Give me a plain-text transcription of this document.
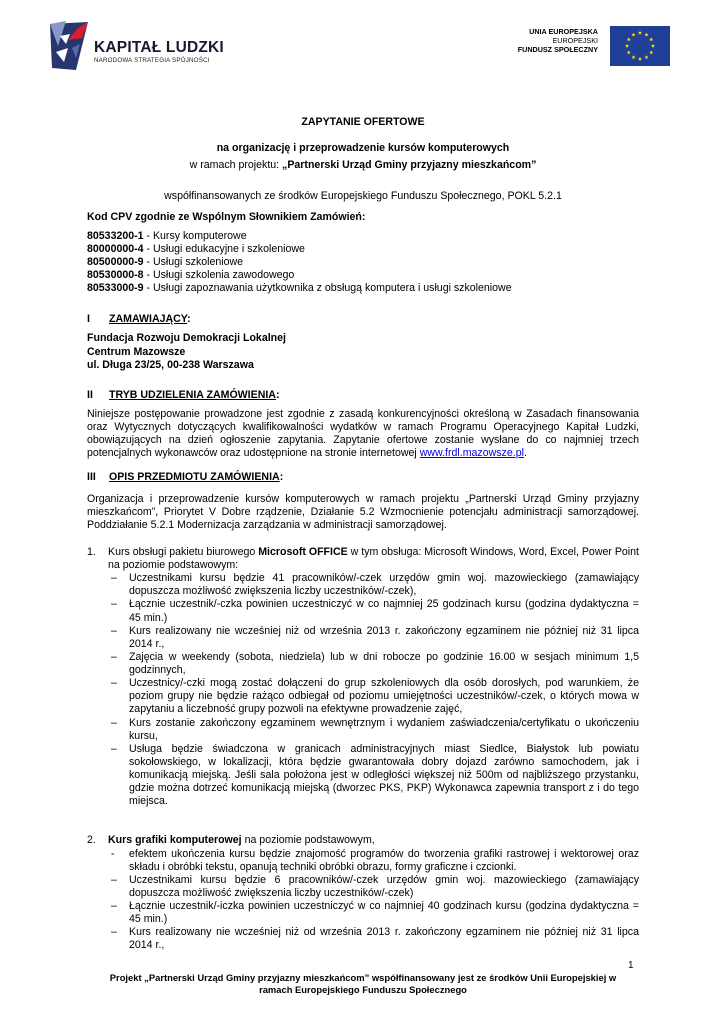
KAPITAŁ LUDZKI
NARODOWA STRATEGIA SPÓJNOŚCI
UNIA EUROPEJSKA
EUROPEJSKI
FUNDUSZ SPOŁECZNY

ZAPYTANIE OFERTOWE

na organizację i przeprowadzenie kursów komputerowych

w ramach projektu: „Partnerski Urząd Gminy przyjazny mieszkańcom”

współfinansowanych ze środków Europejskiego Funduszu Społecznego, POKL 5.2.1

Kod CPV zgodnie ze Wspólnym Słownikiem Zamówień:

80533200-1 - Kursy komputerowe
80000000-4 - Usługi edukacyjne i szkoleniowe
80500000-9 - Usługi szkoleniowe
80530000-8 - Usługi szkolenia zawodowego
80533000-9 - Usługi zapoznawania użytkownika z obsługą komputera i usługi szkoleniowe
I	ZAMAWIAJĄCY:
Fundacja Rozwoju Demokracji Lokalnej
Centrum Mazowsze
ul. Długa 23/25, 00-238 Warszawa
II	TRYB UDZIELENIA ZAMÓWIENIA:

Niniejsze postępowanie prowadzone jest zgodnie z zasadą konkurencyjności określoną w Zasadach finansowania oraz Wytycznych dotyczących kwalifikowalności wydatków w ramach Programu Operacyjnego Kapitał Ludzki, obowiązujących na dzień ogłoszenie zapytania. Zapytanie ofertowe zostanie wysłane do co najmniej trzech potencjalnych wykonawców oraz udostępnione na stronie internetowej www.frdl.mazowsze.pl.

III	OPIS PRZEDMIOTU ZAMÓWIENIA:

Organizacja i przeprowadzenie kursów komputerowych w ramach projektu „Partnerski Urząd Gminy przyjazny mieszkańcom”, Priorytet V Dobre rządzenie, Działanie 5.2 Wzmocnienie potencjału administracji samorządowej. Poddziałanie 5.2.1 Modernizacja zarządzania w administracji samorządowej.

1. Kurs obsługi pakietu biurowego Microsoft OFFICE w tym obsługa: Microsoft Windows, Word, Excel, Power Point na poziomie podstawowym:

– Uczestnikami kursu będzie 41 pracowników/-czek urzędów gmin woj. mazowieckiego (zamawiający dopuszcza możliwość zwiększenia liczby uczestników/-czek),
– Łącznie uczestnik/-czka powinien uczestniczyć w co najmniej 25 godzinach kursu (godzina dydaktyczna = 45 min.)
– Kurs realizowany nie wcześniej niż od września 2013 r. zakończony egzaminem nie później niż 31 lipca 2014 r.,
– Zajęcia w weekendy (sobota, niedziela) lub w dni robocze po godzinie 16.00 w sesjach minimum 1,5 godzinnych,
– Uczestnicy/-czki mogą zostać dołączeni do grup szkoleniowych dla osób dorosłych, pod warunkiem, że poziom grupy nie będzie rażąco odbiegał od poziomu umiejętności uczestników/-czek, o których mowa w zapytaniu a liczebność grupy pozwoli na efektywne prowadzenie zajęć,
– Kurs zostanie zakończony egzaminem wewnętrznym i wydaniem zaświadczenia/certyfikatu o ukończeniu kursu,
– Usługa będzie świadczona w granicach administracyjnych miast Siedlce, Białystok lub powiatu sokołowskiego, w lokalizacji, która będzie gwarantowała dobry dojazd zarówno samochodem, jak i komunikacją miejską. Jeśli sala położona jest w odległości większej niż 500m od najbliższego przystanku, gdzie można dotrzeć komunikacją miejską (dworzec PKS, PKP) Wykonawca zapewnia transport z i do tego miejsca.
2. Kurs grafiki komputerowej na poziomie podstawowym,

- efektem ukończenia kursu będzie znajomość programów do tworzenia grafiki rastrowej i wektorowej oraz składu i obróbki tekstu, opanują techniki obróbki obrazu, formy graficzne i czcionki.
– Uczestnikami kursu będzie 6 pracowników/-czek urzędów gmin woj. mazowieckiego (zamawiający dopuszcza możliwość zwiększenia liczby uczestników/-czek)
– Łącznie uczestnik/-iczka powinien uczestniczyć w co najmniej 40 godzinach kursu (godzina dydaktyczna = 45 min.)
– Kurs realizowany nie wcześniej niż od września 2013 r. zakończony egzaminem nie później niż 31 lipca 2014 r.,
1
Projekt „Partnerski Urząd Gminy przyjazny mieszkańcom” współfinansowany jest ze środków Unii Europejskiej w
ramach Europejskiego Funduszu Społecznego
